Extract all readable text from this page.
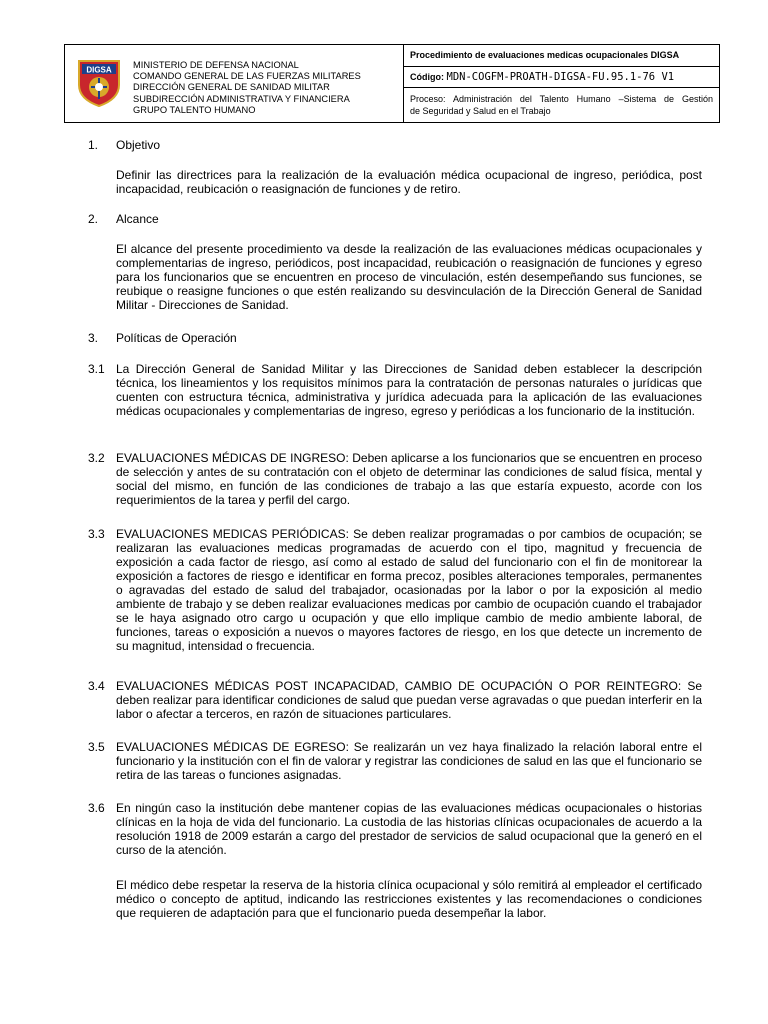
DIGSA MINISTERIO DE DEFENSA NACIONAL
COMANDO GENERAL DE LAS FUERZAS MILITARES
DIRECCIÓN GENERAL DE SANIDAD MILITAR
SUBDIRECCIÓN ADMINISTRATIVA Y FINANCIERA
GRUPO TALENTO HUMANO
Procedimiento de evaluaciones medicas ocupacionales DIGSA
Código: MDN-COGFM-PROATH-DIGSA-FU.95.1-76 V1
Proceso: Administración del Talento Humano –Sistema de Gestión
de Seguridad y Salud en el Trabajo
1. Objetivo
Definir las directrices para la realización de la evaluación médica ocupacional de ingreso, periódica, post incapacidad, reubicación o reasignación de funciones y de retiro.
2. Alcance
El alcance del presente procedimiento va desde la realización de las evaluaciones médicas ocupacionales y complementarias de ingreso, periódicos, post incapacidad, reubicación o reasignación de funciones y egreso para los funcionarios que se encuentren en proceso de vinculación, estén desempeñando sus funciones, se reubique o reasigne funciones o que estén realizando su desvinculación de la Dirección General de Sanidad Militar - Direcciones de Sanidad.
3. Políticas de Operación
3.1 La Dirección General de Sanidad Militar y las Direcciones de Sanidad deben establecer la descripción técnica, los lineamientos y los requisitos mínimos para la contratación de personas naturales o jurídicas que cuenten con estructura técnica, administrativa y jurídica adecuada para la aplicación de las evaluaciones médicas ocupacionales y complementarias de ingreso, egreso y periódicas a los funcionario de la institución.
3.2 EVALUACIONES MÉDICAS DE INGRESO: Deben aplicarse a los funcionarios que se encuentren en proceso de selección y antes de su contratación con el objeto de determinar las condiciones de salud física, mental y social del mismo, en función de las condiciones de trabajo a las que estaría expuesto, acorde con los requerimientos de la tarea y perfil del cargo.
3.3 EVALUACIONES MEDICAS PERIÓDICAS: Se deben realizar programadas o por cambios de ocupación; se realizaran las evaluaciones medicas programadas de acuerdo con el tipo, magnitud y frecuencia de exposición a cada factor de riesgo, así como al estado de salud del funcionario con el fin de monitorear la exposición a factores de riesgo e identificar en forma precoz, posibles alteraciones temporales, permanentes o agravadas del estado de salud del trabajador, ocasionadas por la labor o por la exposición al medio ambiente de trabajo y se deben realizar evaluaciones medicas por cambio de ocupación cuando el trabajador se le haya asignado otro cargo u ocupación y que ello implique cambio de medio ambiente laboral, de funciones, tareas o exposición a nuevos o mayores factores de riesgo, en los que detecte un incremento de su magnitud, intensidad o frecuencia.
3.4 EVALUACIONES MÉDICAS POST INCAPACIDAD, CAMBIO DE OCUPACIÓN O POR REINTEGRO: Se deben realizar para identificar condiciones de salud que puedan verse agravadas o que puedan interferir en la labor o afectar a terceros, en razón de situaciones particulares.
3.5 EVALUACIONES MÉDICAS DE EGRESO: Se realizarán un vez haya finalizado la relación laboral entre el funcionario y la institución con el fin de valorar y registrar las condiciones de salud en las que el funcionario se retira de las tareas o funciones asignadas.
3.6 En ningún caso la institución debe mantener copias de las evaluaciones médicas ocupacionales o historias clínicas en la hoja de vida del funcionario. La custodia de las historias clínicas ocupacionales de acuerdo a la resolución 1918 de 2009 estarán a cargo del prestador de servicios de salud ocupacional que la generó en el curso de la atención.
El médico debe respetar la reserva de la historia clínica ocupacional y sólo remitirá al empleador el certificado médico o concepto de aptitud, indicando las restricciones existentes y las recomendaciones o condiciones que requieren de adaptación para que el funcionario pueda desempeñar la labor.
